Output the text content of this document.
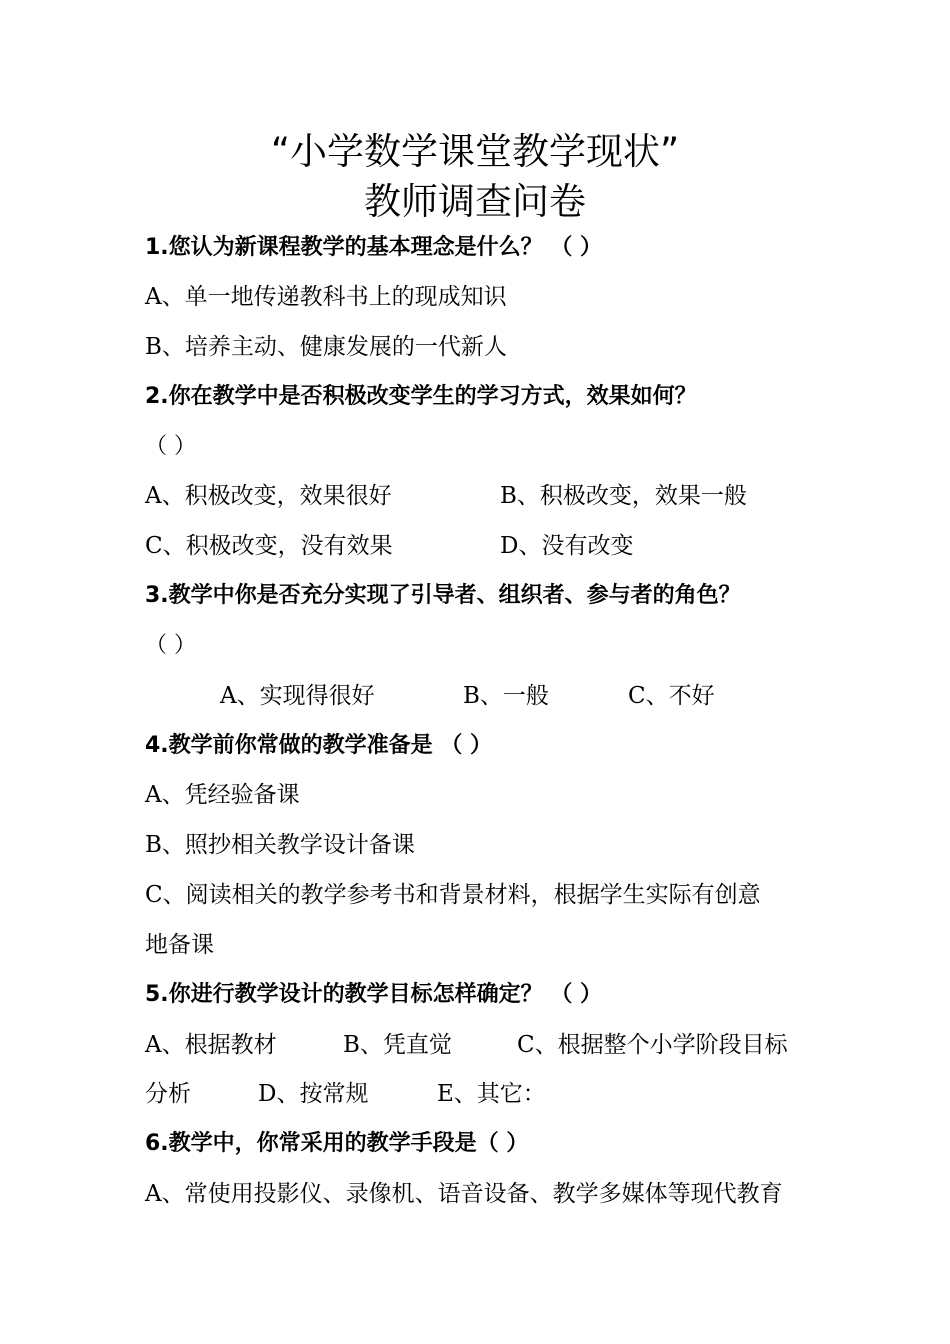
“小学数学课堂教学现状”
教师调查问卷
1.您认为新课程教学的基本理念是什么？ （ ）
A、单一地传递教科书上的现成知识
B、培养主动、健康发展的一代新人
2.你在教学中是否积极改变学生的学习方式，效果如何？
（ ）
A、积极改变，效果很好	B、积极改变，效果一般
C、积极改变，没有效果	D、没有改变
3.教学中你是否充分实现了引导者、组织者、参与者的角色？
（ ）
A、实现得很好	B、一般	C、不好
4.教学前你常做的教学准备是 （ ）
A、凭经验备课
B、照抄相关教学设计备课
C、阅读相关的教学参考书和背景材料，根据学生实际有创意
地备课
5.你进行教学设计的教学目标怎样确定？ （ ）
A、根据教材	B、凭直觉	C、根据整个小学阶段目标
分析	D、按常规	E、其它：
6.教学中，你常采用的教学手段是（ ）
A、常使用投影仪、录像机、语音设备、教学多媒体等现代教育
